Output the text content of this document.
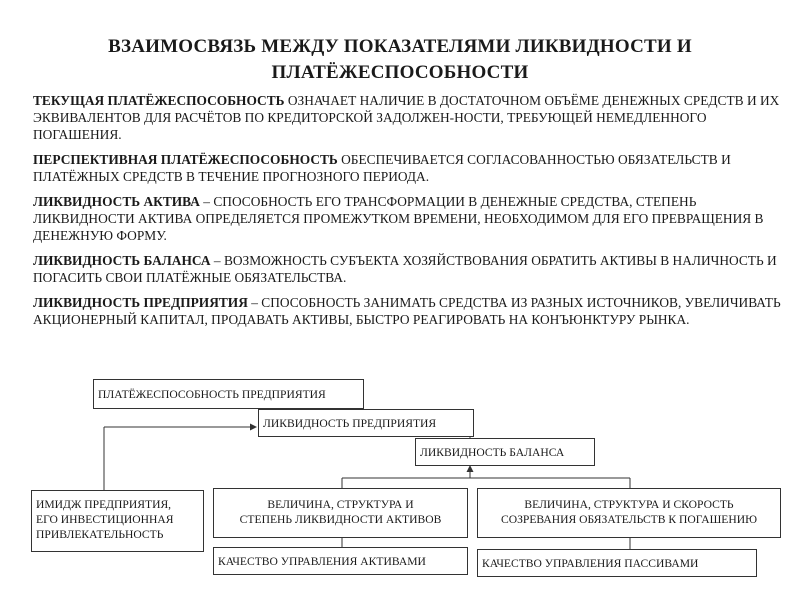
ВЗАИМОСВЯЗЬ МЕЖДУ ПОКАЗАТЕЛЯМИ ЛИКВИДНОСТИ И
ПЛАТЁЖЕСПОСОБНОСТИ

ТЕКУЩАЯ ПЛАТЁЖЕСПОСОБНОСТЬ ОЗНАЧАЕТ НАЛИЧИЕ В ДОСТАТОЧНОМ ОБЪЁМЕ ДЕНЕЖНЫХ СРЕДСТВ И ИХ ЭКВИВАЛЕНТОВ ДЛЯ РАСЧЁТОВ ПО КРЕДИТОРСКОЙ ЗАДОЛЖЕН-НОСТИ, ТРЕБУЮЩЕЙ НЕМЕДЛЕННОГО ПОГАШЕНИЯ.

ПЕРСПЕКТИВНАЯ ПЛАТЁЖЕСПОСОБНОСТЬ ОБЕСПЕЧИВАЕТСЯ СОГЛАСОВАННОСТЬЮ ОБЯЗАТЕЛЬСТВ И ПЛАТЁЖНЫХ СРЕДСТВ В ТЕЧЕНИЕ ПРОГНОЗНОГО ПЕРИОДА.

ЛИКВИДНОСТЬ АКТИВА – СПОСОБНОСТЬ ЕГО ТРАНСФОРМАЦИИ В ДЕНЕЖНЫЕ СРЕДСТВА, СТЕПЕНЬ ЛИКВИДНОСТИ АКТИВА ОПРЕДЕЛЯЕТСЯ ПРОМЕЖУТКОМ ВРЕМЕНИ, НЕОБХОДИМОМ ДЛЯ ЕГО ПРЕВРАЩЕНИЯ В ДЕНЕЖНУЮ ФОРМУ.

ЛИКВИДНОСТЬ БАЛАНСА – ВОЗМОЖНОСТЬ СУБЪЕКТА ХОЗЯЙСТВОВАНИЯ ОБРАТИТЬ АКТИВЫ В НАЛИЧНОСТЬ И ПОГАСИТЬ СВОИ ПЛАТЁЖНЫЕ ОБЯЗАТЕЛЬСТВА.

ЛИКВИДНОСТЬ ПРЕДПРИЯТИЯ – СПОСОБНОСТЬ ЗАНИМАТЬ СРЕДСТВА ИЗ РАЗНЫХ ИСТОЧНИКОВ, УВЕЛИЧИВАТЬ АКЦИОНЕРНЫЙ КАПИТАЛ, ПРОДАВАТЬ АКТИВЫ, БЫСТРО РЕАГИРОВАТЬ НА КОНЪЮНКТУРУ РЫНКА.

ПЛАТЁЖЕСПОСОБНОСТЬ ПРЕДПРИЯТИЯ
ЛИКВИДНОСТЬ ПРЕДПРИЯТИЯ
ЛИКВИДНОСТЬ БАЛАНСА
ИМИДЖ ПРЕДПРИЯТИЯ,
ЕГО ИНВЕСТИЦИОННАЯ
ПРИВЛЕКАТЕЛЬНОСТЬ
ВЕЛИЧИНА, СТРУКТУРА И
СТЕПЕНЬ ЛИКВИДНОСТИ АКТИВОВ
ВЕЛИЧИНА, СТРУКТУРА И СКОРОСТЬ
СОЗРЕВАНИЯ ОБЯЗАТЕЛЬСТВ К ПОГАШЕНИЮ
КАЧЕСТВО УПРАВЛЕНИЯ АКТИВАМИ	КАЧЕСТВО УПРАВЛЕНИЯ ПАССИВАМИ
